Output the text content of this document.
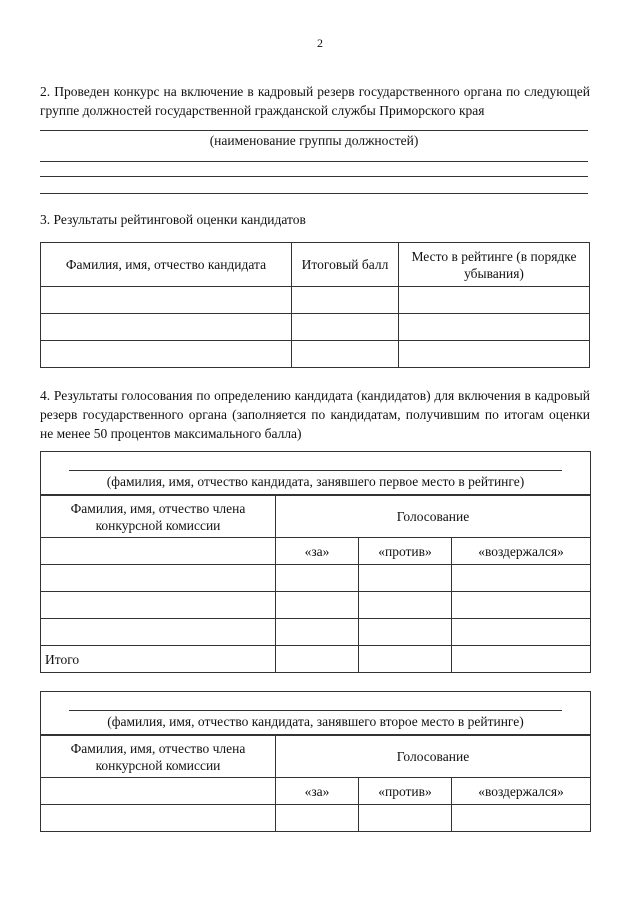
2
2. Проведен конкурс на включение в кадровый резерв государственного органа по следующей группе должностей государственной гражданской службы Приморского края
(наименование группы должностей)
3. Результаты рейтинговой оценки кандидатов
Фамилия, имя, отчество кандидата	Итоговый балл	Место в рейтинге (в порядке убывания)

4. Результаты голосования по определению кандидата (кандидатов) для включения в кадровый резерв государственного органа (заполняется по кандидатам, получившим по итогам оценки не менее 50 процентов максимального балла)
(фамилия, имя, отчество кандидата, занявшего первое место в рейтинге)
Фамилия, имя, отчество члена конкурсной комиссии	Голосование		
	«за»	«против»	«воздержался»

Итого			
(фамилия, имя, отчество кандидата, занявшего второе место в рейтинге)
Фамилия, имя, отчество члена конкурсной комиссии	Голосование		
	«за»	«против»	«воздержался»
